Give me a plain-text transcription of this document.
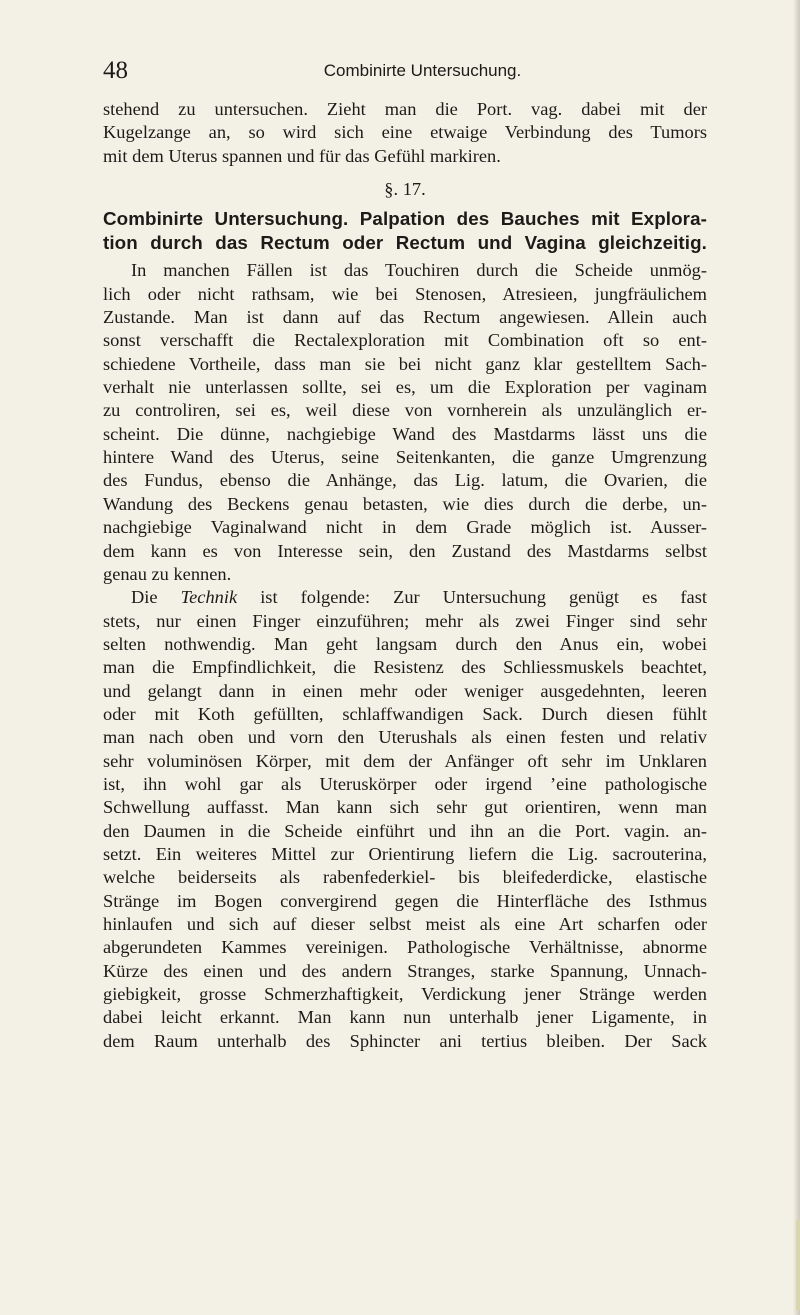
48	Combinirte Untersuchung.
stehend zu untersuchen. Zieht man die Port. vag. dabei mit der
Kugelzange an, so wird sich eine etwaige Verbindung des Tumors
mit dem Uterus spannen und für das Gefühl markiren.
§. 17.
Combinirte Untersuchung. Palpation des Bauches mit Explora-
tion durch das Rectum oder Rectum und Vagina gleichzeitig.
In manchen Fällen ist das Touchiren durch die Scheide unmög-
lich oder nicht rathsam, wie bei Stenosen, Atresieen, jungfräulichem
Zustande. Man ist dann auf das Rectum angewiesen. Allein auch
sonst verschafft die Rectalexploration mit Combination oft so ent-
schiedene Vortheile, dass man sie bei nicht ganz klar gestelltem Sach-
verhalt nie unterlassen sollte, sei es, um die Exploration per vaginam
zu controliren, sei es, weil diese von vornherein als unzulänglich er-
scheint. Die dünne, nachgiebige Wand des Mastdarms lässt uns die
hintere Wand des Uterus, seine Seitenkanten, die ganze Umgrenzung
des Fundus, ebenso die Anhänge, das Lig. latum, die Ovarien, die
Wandung des Beckens genau betasten, wie dies durch die derbe, un-
nachgiebige Vaginalwand nicht in dem Grade möglich ist. Ausser-
dem kann es von Interesse sein, den Zustand des Mastdarms selbst
genau zu kennen.
Die Technik ist folgende: Zur Untersuchung genügt es fast
stets, nur einen Finger einzuführen; mehr als zwei Finger sind sehr
selten nothwendig. Man geht langsam durch den Anus ein, wobei
man die Empfindlichkeit, die Resistenz des Schliessmuskels beachtet,
und gelangt dann in einen mehr oder weniger ausgedehnten, leeren
oder mit Koth gefüllten, schlaffwandigen Sack. Durch diesen fühlt
man nach oben und vorn den Uterushals als einen festen und relativ
sehr voluminösen Körper, mit dem der Anfänger oft sehr im Unklaren
ist, ihn wohl gar als Uteruskörper oder irgend ʼeine pathologische
Schwellung auffasst. Man kann sich sehr gut orientiren, wenn man
den Daumen in die Scheide einführt und ihn an die Port. vagin. an-
setzt. Ein weiteres Mittel zur Orientirung liefern die Lig. sacrouterina,
welche beiderseits als rabenfederkiel- bis bleifederdicke, elastische
Stränge im Bogen convergirend gegen die Hinterfläche des Isthmus
hinlaufen und sich auf dieser selbst meist als eine Art scharfen oder
abgerundeten Kammes vereinigen. Pathologische Verhältnisse, abnorme
Kürze des einen und des andern Stranges, starke Spannung, Unnach-
giebigkeit, grosse Schmerzhaftigkeit, Verdickung jener Stränge werden
dabei leicht erkannt. Man kann nun unterhalb jener Ligamente, in
dem Raum unterhalb des Sphincter ani tertius bleiben. Der Sack
